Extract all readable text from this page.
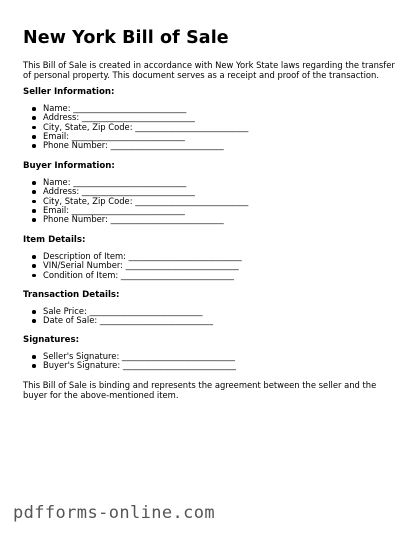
New York Bill of Sale

This Bill of Sale is created in accordance with New York State laws regarding the transfer of personal property. This document serves as a receipt and proof of the transaction.

Seller Information:

Name: ___________________________
Address: ___________________________
City, State, Zip Code: ___________________________
Email: ___________________________
Phone Number: ___________________________

Buyer Information:

Name: ___________________________
Address: ___________________________
City, State, Zip Code: ___________________________
Email: ___________________________
Phone Number: ___________________________

Item Details:

Description of Item: ___________________________
VIN/Serial Number: ___________________________
Condition of Item: ___________________________

Transaction Details:

Sale Price: ___________________________
Date of Sale: ___________________________

Signatures:

Seller's Signature: ___________________________
Buyer's Signature: ___________________________

This Bill of Sale is binding and represents the agreement between the seller and the buyer for the above-mentioned item.

pdfforms-online.com
